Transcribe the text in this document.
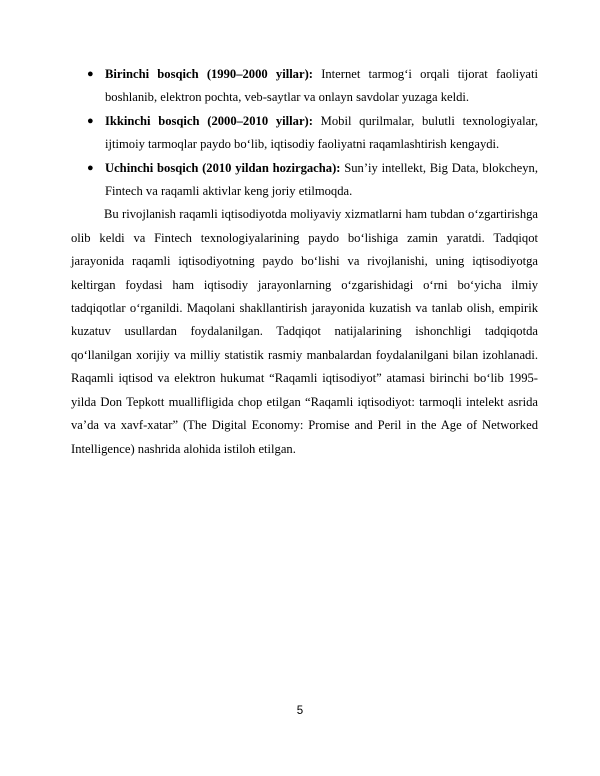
● Birinchi bosqich (1990–2000 yillar): Internet tarmog‘i orqali tijorat faoliyati boshlanib, elektron pochta, veb-saytlar va onlayn savdolar yuzaga keldi.
● Ikkinchi bosqich (2000–2010 yillar): Mobil qurilmalar, bulutli texnologiyalar, ijtimoiy tarmoqlar paydo bo‘lib, iqtisodiy faoliyatni raqamlashtirish kengaydi.
● Uchinchi bosqich (2010 yildan hozirgacha): Sun’iy intellekt, Big Data, blokcheyn, Fintech va raqamli aktivlar keng joriy etilmoqda.

Bu rivojlanish raqamli iqtisodiyotda moliyaviy xizmatlarni ham tubdan o‘zgartirishga olib keldi va Fintech texnologiyalarining paydo bo‘lishiga zamin yaratdi. Tadqiqot jarayonida raqamli iqtisodiyotning paydo bo‘lishi va rivojlanishi, uning iqtisodiyotga keltirgan foydasi ham iqtisodiy jarayonlarning o‘zgarishidagi o‘rni bo‘yicha ilmiy tadqiqotlar o‘rganildi. Maqolani shakllantirish jarayonida kuzatish va tanlab olish, empirik kuzatuv usullardan foydalanilgan. Tadqiqot natijalarining ishonchligi tadqiqotda qo‘llanilgan xorijiy va milliy statistik rasmiy manbalardan foydalanilgani bilan izohlanadi. Raqamli iqtisod va elektron hukumat “Raqamli iqtisodiyot” atamasi birinchi bo‘lib 1995-yilda Don Tepkott muallifligida chop etilgan “Raqamli iqtisodiyot: tarmoqli intelekt asrida va’da va xavf-xatar” (The Digital Economy: Promise and Peril in the Age of Networked Intelligence) nashrida alohida istiloh etilgan.

5
